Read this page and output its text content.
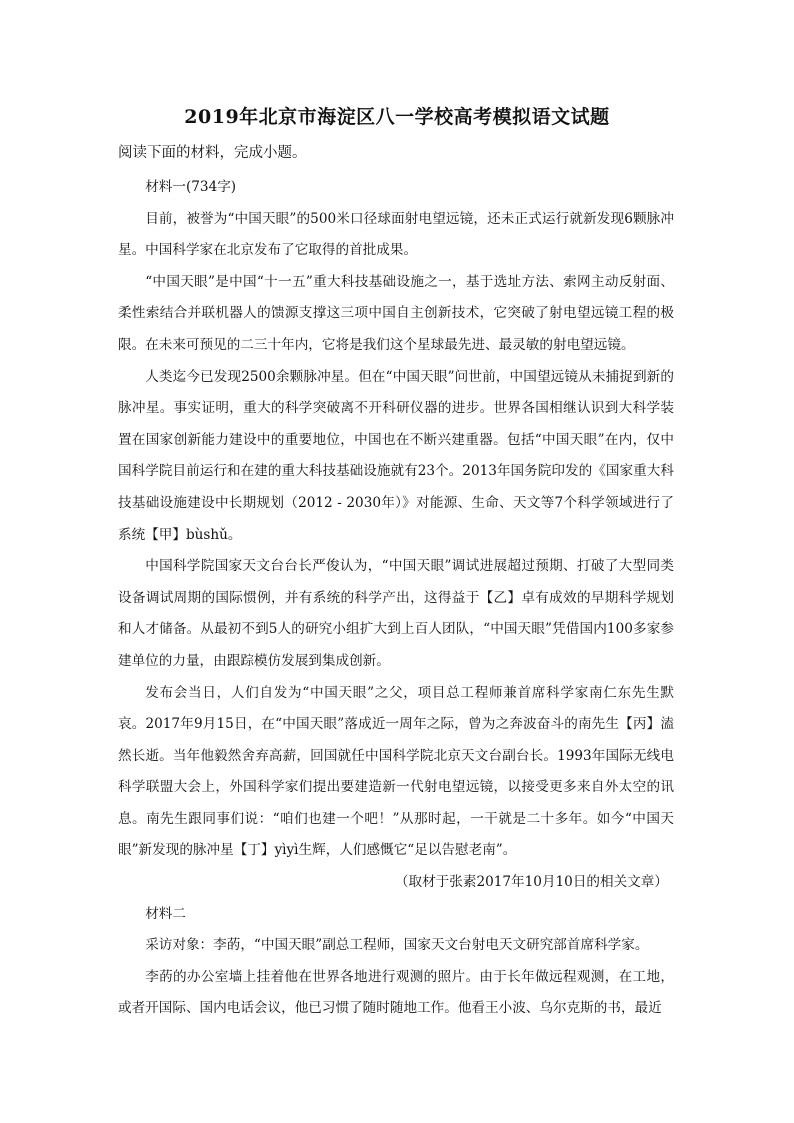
2019年北京市海淀区八一学校高考模拟语文试题
阅读下面的材料，完成小题。

材料一(734字)

目前，被誉为“中国天眼”的500米口径球面射电望远镜，还未正式运行就新发现6颗脉冲星。中国科学家在北京发布了它取得的首批成果。

“中国天眼”是中国“十一五”重大科技基础设施之一，基于选址方法、索网主动反射面、柔性索结合并联机器人的馈源支撑这三项中国自主创新技术，它突破了射电望远镜工程的极限。在未来可预见的二三十年内，它将是我们这个星球最先进、最灵敏的射电望远镜。

人类迄今已发现2500余颗脉冲星。但在“中国天眼”问世前，中国望远镜从未捕捉到新的脉冲星。事实证明，重大的科学突破离不开科研仪器的进步。世界各国相继认识到大科学装置在国家创新能力建设中的重要地位，中国也在不断兴建重器。包括“中国天眼”在内，仅中国科学院目前运行和在建的重大科技基础设施就有23个。2013年国务院印发的《国家重大科技基础设施建设中长期规划（2012 - 2030年）》对能源、生命、天文等7个科学领域进行了系统【甲】bùshǔ。

中国科学院国家天文台台长严俊认为，“中国天眼”调试进展超过预期、打破了大型同类设备调试周期的国际惯例，并有系统的科学产出，这得益于【乙】卓有成效的早期科学规划和人才储备。从最初不到5人的研究小组扩大到上百人团队，“中国天眼”凭借国内100多家参建单位的力量，由跟踪模仿发展到集成创新。

发布会当日，人们自发为“中国天眼”之父，项目总工程师兼首席科学家南仁东先生默哀。2017年9月15日，在“中国天眼”落成近一周年之际，曾为之奔波奋斗的南先生【丙】溘然长逝。当年他毅然舍弃高薪，回国就任中国科学院北京天文台副台长。1993年国际无线电科学联盟大会上，外国科学家们提出要建造新一代射电望远镜，以接受更多来自外太空的讯息。南先生跟同事们说：“咱们也建一个吧！”从那时起，一干就是二十多年。如今“中国天眼”新发现的脉冲星【丁】yìyì生辉，人们感慨它“足以告慰老南”。

（取材于张素2017年10月10日的相关文章）

材料二

采访对象：李菂，“中国天眼”副总工程师，国家天文台射电天文研究部首席科学家。

李菂的办公室墙上挂着他在世界各地进行观测的照片。由于长年做远程观测，在工地，或者开国际、国内电话会议，他已习惯了随时随地工作。他看王小波、乌尔克斯的书，最近
